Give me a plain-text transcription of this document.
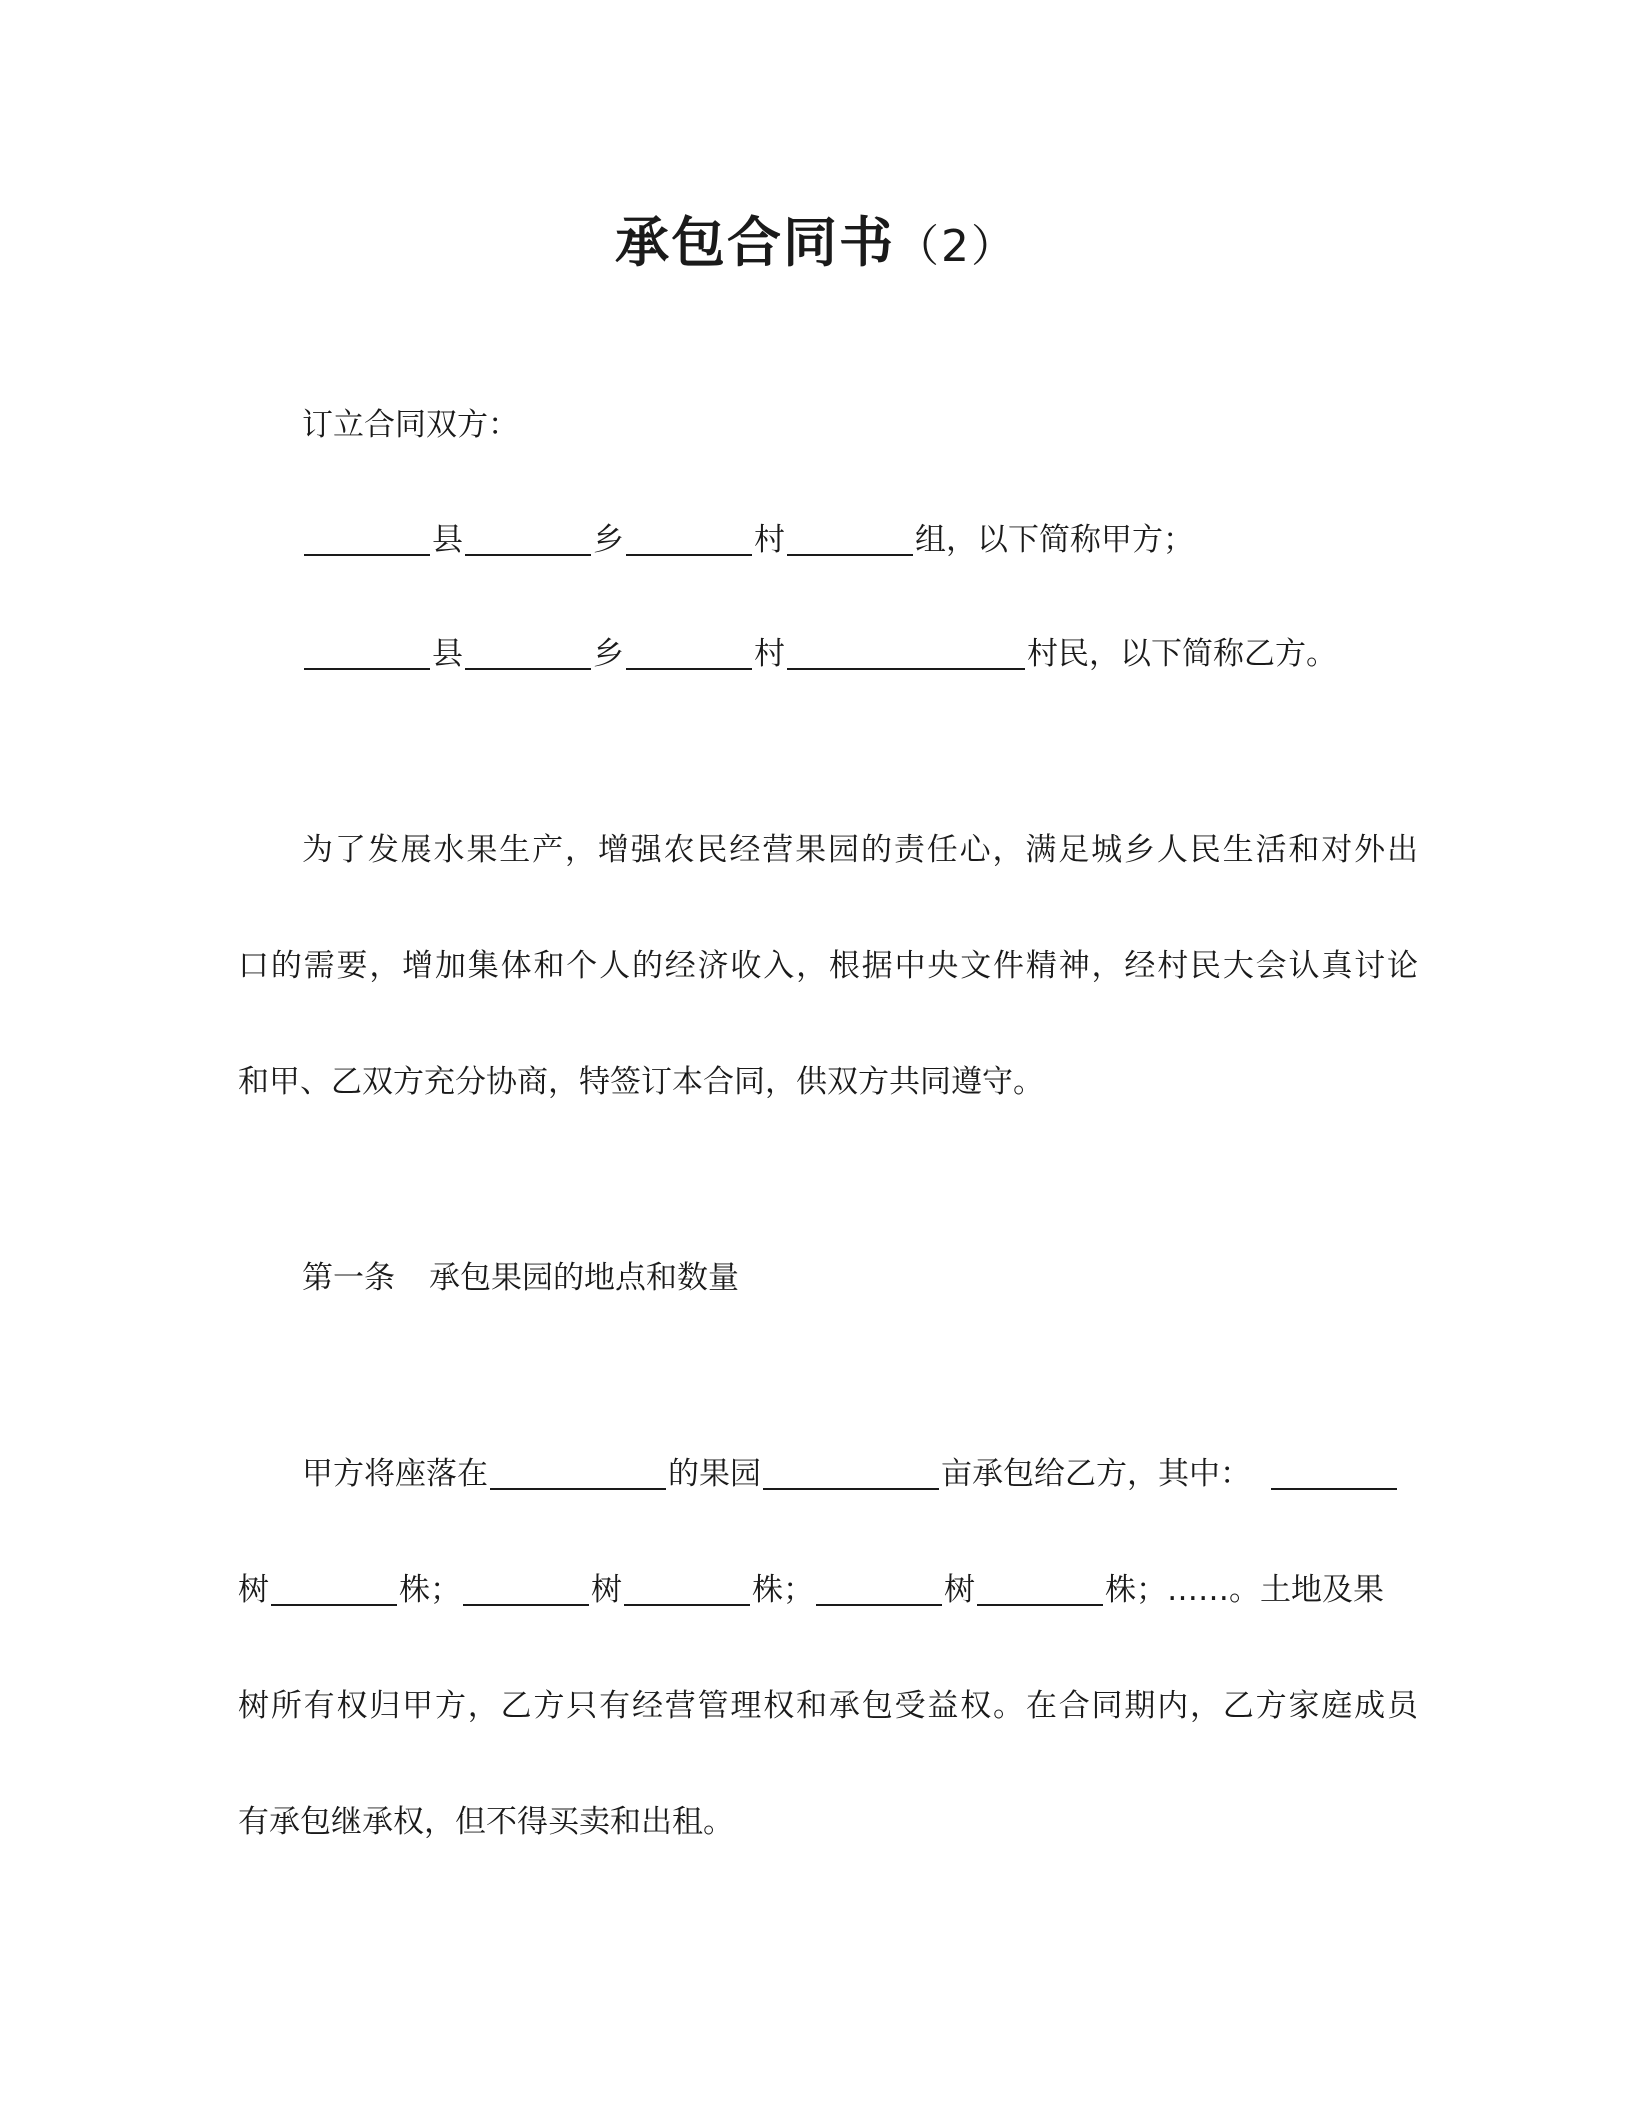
承包合同书（2）
订立合同双方：
县	乡	村	组，以下简称甲方；
县	乡	村	村民，以下简称乙方。
为了发展水果生产，增强农民经营果园的责任心，满足城乡人民生活和对外出
口的需要，增加集体和个人的经济收入，根据中央文件精神，经村民大会认真讨论
和甲、乙双方充分协商，特签订本合同，供双方共同遵守。
第一条 承包果园的地点和数量
甲方将座落在	的果园	亩承包给乙方，其中：
树	株；	树	株；	树	株；……。土地及果
树所有权归甲方，乙方只有经营管理权和承包受益权。在合同期内，乙方家庭成员
有承包继承权，但不得买卖和出租。
